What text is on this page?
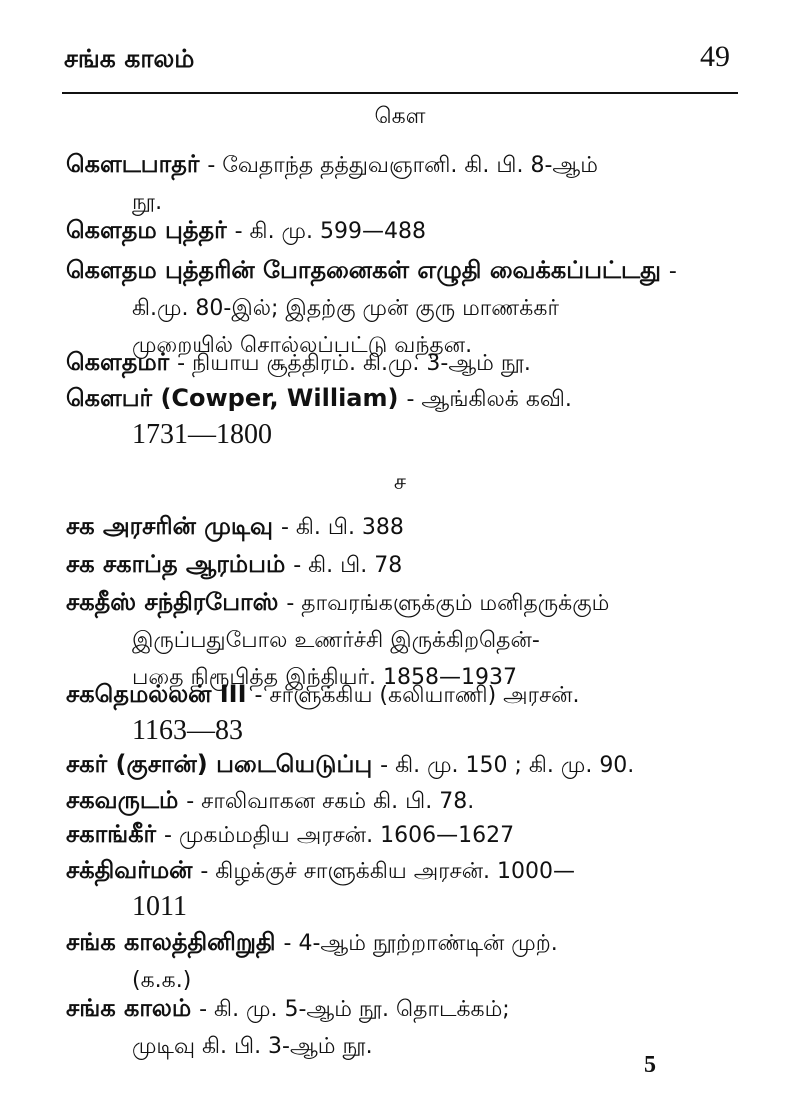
சங்க காலம்	49
கௌ
கௌடபாதர் - வேதாந்த தத்துவஞானி. கி. பி. 8-ஆம்
நூ.
கௌதம புத்தர் - கி. மு. 599—488
கௌதம புத்தரின் போதனைகள் எழுதி வைக்கப்பட்டது -
கி.மு. 80-இல்; இதற்கு முன் குரு மாணக்கர்
முறையில் சொல்லப்பட்டு வந்தன.
கௌதமர் - நியாய சூத்திரம். கி.மு. 3-ஆம் நூ.
கௌபர் (Cowper, William) - ஆங்கிலக் கவி.
1731—1800
ச
சக அரசரின் முடிவு - கி. பி. 388
சக சகாப்த ஆரம்பம் - கி. பி. 78
சகதீஸ் சந்திரபோஸ் - தாவரங்களுக்கும் மனிதருக்கும்
இருப்பதுபோல உணர்ச்சி இருக்கிறதென்-
பதை நிரூபித்த இந்தியர். 1858—1937
சகதெமல்லன் III - சாளுக்கிய (கலியாணி) அரசன்.
1163—83
சகர் (குசான்) படையெடுப்பு - கி. மு. 150 ; கி. மு. 90.
சகவருடம் - சாலிவாகன சகம் கி. பி. 78.
சகாங்கீர் - முகம்மதிய அரசன். 1606—1627
சக்திவர்மன் - கிழக்குச் சாளுக்கிய அரசன். 1000—
1011
சங்க காலத்தினிறுதி - 4-ஆம் நூற்றாண்டின் முற்.
(க.க.)
சங்க காலம் - கி. மு. 5-ஆம் நூ. தொடக்கம்;
முடிவு கி. பி. 3-ஆம் நூ.
5
